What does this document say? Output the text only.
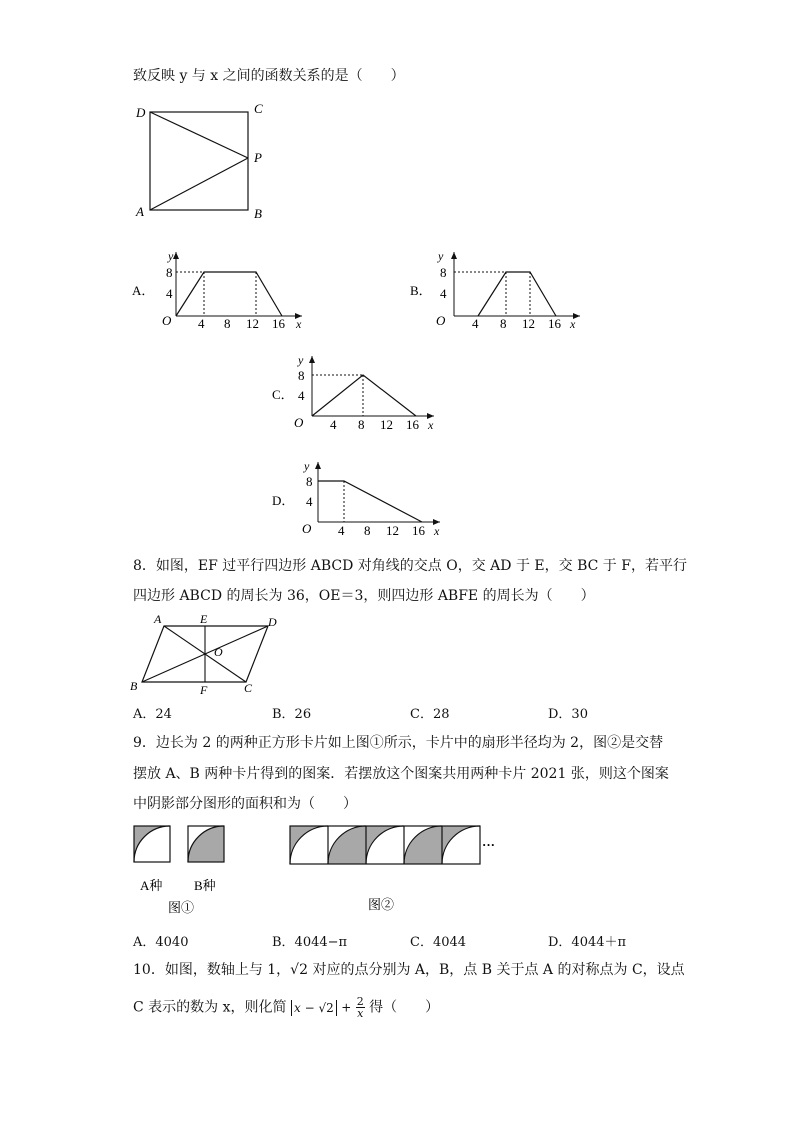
致反映 y 与 x 之间的函数关系的是（　　）
D	C
P
A	B
A．
y
x
O
8
4
4 8 12 16
B．
y
x
O
8
4
4 8 12 16
C．
y
x
O
8
4
4 8 12 16
D．
y
x
O
8
4
4 8 12 16
8．如图，EF 过平行四边形 ABCD 对角线的交点 O，交 AD 于 E，交 BC 于 F，若平行
四边形 ABCD 的周长为 36，OE＝3，则四边形 ABFE 的周长为（　　）
A	E	D
O
B	F	C
A．24	B．26	C．28	D．30
9．边长为 2 的两种正方形卡片如上图①所示，卡片中的扇形半径均为 2，图②是交替
摆放 A、B 两种卡片得到的图案．若摆放这个图案共用两种卡片 2021 张，则这个图案
中阴影部分图形的面积和为（　　）
A种 B种
图①
···
图②
A．4040	B．4044−π	C．4044	D．4044＋π
10．如图，数轴上与 1，√2 对应的点分别为 A，B，点 B 关于点 A 的对称点为 C，设点
C 表示的数为 x，则化简 $x - √2 + \frac{2}{x}$ 得（　　）
